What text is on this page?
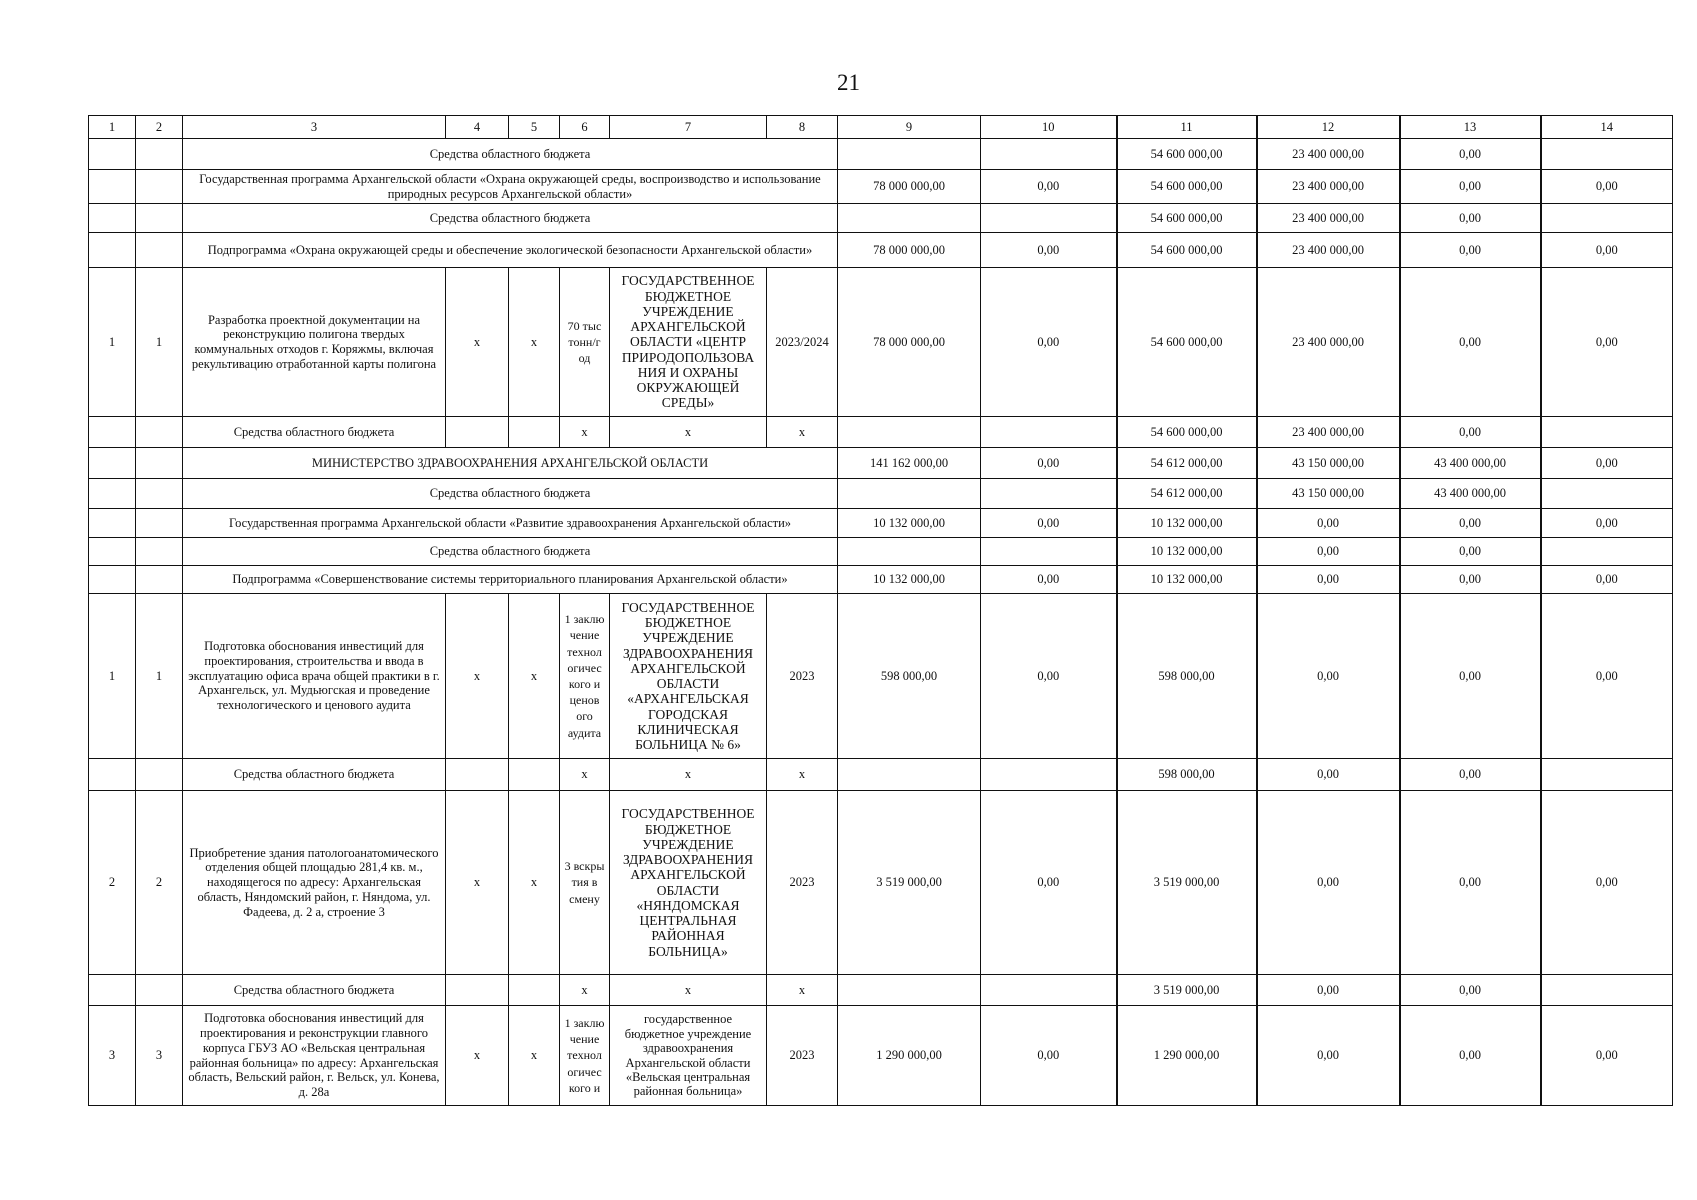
21
1	2	3	4	5	6	7	8	9	10	11	12	13	14
		Средства областного бюджета								54 600 000,00	23 400 000,00	0,00	
		Государственная программа Архангельской области «Охрана окружающей среды, воспроизводство и использование природных ресурсов Архангельской области»						78 000 000,00	0,00	54 600 000,00	23 400 000,00	0,00	0,00
		Средства областного бюджета								54 600 000,00	23 400 000,00	0,00	
		Подпрограмма «Охрана окружающей среды и обеспечение экологической безопасности Архангельской области»						78 000 000,00	0,00	54 600 000,00	23 400 000,00	0,00	0,00
1	1	Разработка проектной документации на реконструкцию полигона твердых коммунальных отходов г. Коряжмы, включая рекультивацию отработанной карты полигона	х	х	70 тыс тонн/г од	ГОСУДАРСТВЕННОЕ БЮДЖЕТНОЕ УЧРЕЖДЕНИЕ АРХАНГЕЛЬСКОЙ ОБЛАСТИ «ЦЕНТР ПРИРОДОПОЛЬЗОВА НИЯ И ОХРАНЫ ОКРУЖАЮЩЕЙ СРЕДЫ»	2023/2024	78 000 000,00	0,00	54 600 000,00	23 400 000,00	0,00	0,00
		Средства областного бюджета			х	х	х			54 600 000,00	23 400 000,00	0,00	
		МИНИСТЕРСТВО ЗДРАВООХРАНЕНИЯ АРХАНГЕЛЬСКОЙ ОБЛАСТИ						141 162 000,00	0,00	54 612 000,00	43 150 000,00	43 400 000,00	0,00
		Средства областного бюджета								54 612 000,00	43 150 000,00	43 400 000,00	
		Государственная программа Архангельской области «Развитие здравоохранения Архангельской области»						10 132 000,00	0,00	10 132 000,00	0,00	0,00	0,00
		Средства областного бюджета								10 132 000,00	0,00	0,00	
		Подпрограмма «Совершенствование системы территориального планирования Архангельской области»						10 132 000,00	0,00	10 132 000,00	0,00	0,00	0,00
1	1	Подготовка обоснования инвестиций для проектирования, строительства и ввода в эксплуатацию офиса врача общей практики в г. Архангельск, ул. Мудьюгская и проведение технологического и ценового аудита	х	х	1 заклю чение технол огичес кого и ценов ого аудита	ГОСУДАРСТВЕННОЕ БЮДЖЕТНОЕ УЧРЕЖДЕНИЕ ЗДРАВООХРАНЕНИЯ АРХАНГЕЛЬСКОЙ ОБЛАСТИ «АРХАНГЕЛЬСКАЯ ГОРОДСКАЯ КЛИНИЧЕСКАЯ БОЛЬНИЦА № 6»	2023	598 000,00	0,00	598 000,00	0,00	0,00	0,00
		Средства областного бюджета			х	х	х			598 000,00	0,00	0,00	
2	2	Приобретение здания патологоанатомического отделения общей площадью 281,4 кв. м., находящегося по адресу: Архангельская область, Няндомский район, г. Няндома, ул. Фадеева, д. 2 а, строение 3	х	х	3 вскры тия в смену	ГОСУДАРСТВЕННОЕ БЮДЖЕТНОЕ УЧРЕЖДЕНИЕ ЗДРАВООХРАНЕНИЯ АРХАНГЕЛЬСКОЙ ОБЛАСТИ «НЯНДОМСКАЯ ЦЕНТРАЛЬНАЯ РАЙОННАЯ БОЛЬНИЦА»	2023	3 519 000,00	0,00	3 519 000,00	0,00	0,00	0,00
		Средства областного бюджета			х	х	х			3 519 000,00	0,00	0,00	
3	3	Подготовка обоснования инвестиций для проектирования и реконструкции главного корпуса ГБУЗ АО «Вельская центральная районная больница» по адресу: Архангельская область, Вельский район, г. Вельск, ул. Конева, д. 28а	х	х	1 заклю чение технол огичес кого и	государственное бюджетное учреждение здравоохранения Архангельской области «Вельская центральная районная больница»	2023	1 290 000,00	0,00	1 290 000,00	0,00	0,00	0,00
